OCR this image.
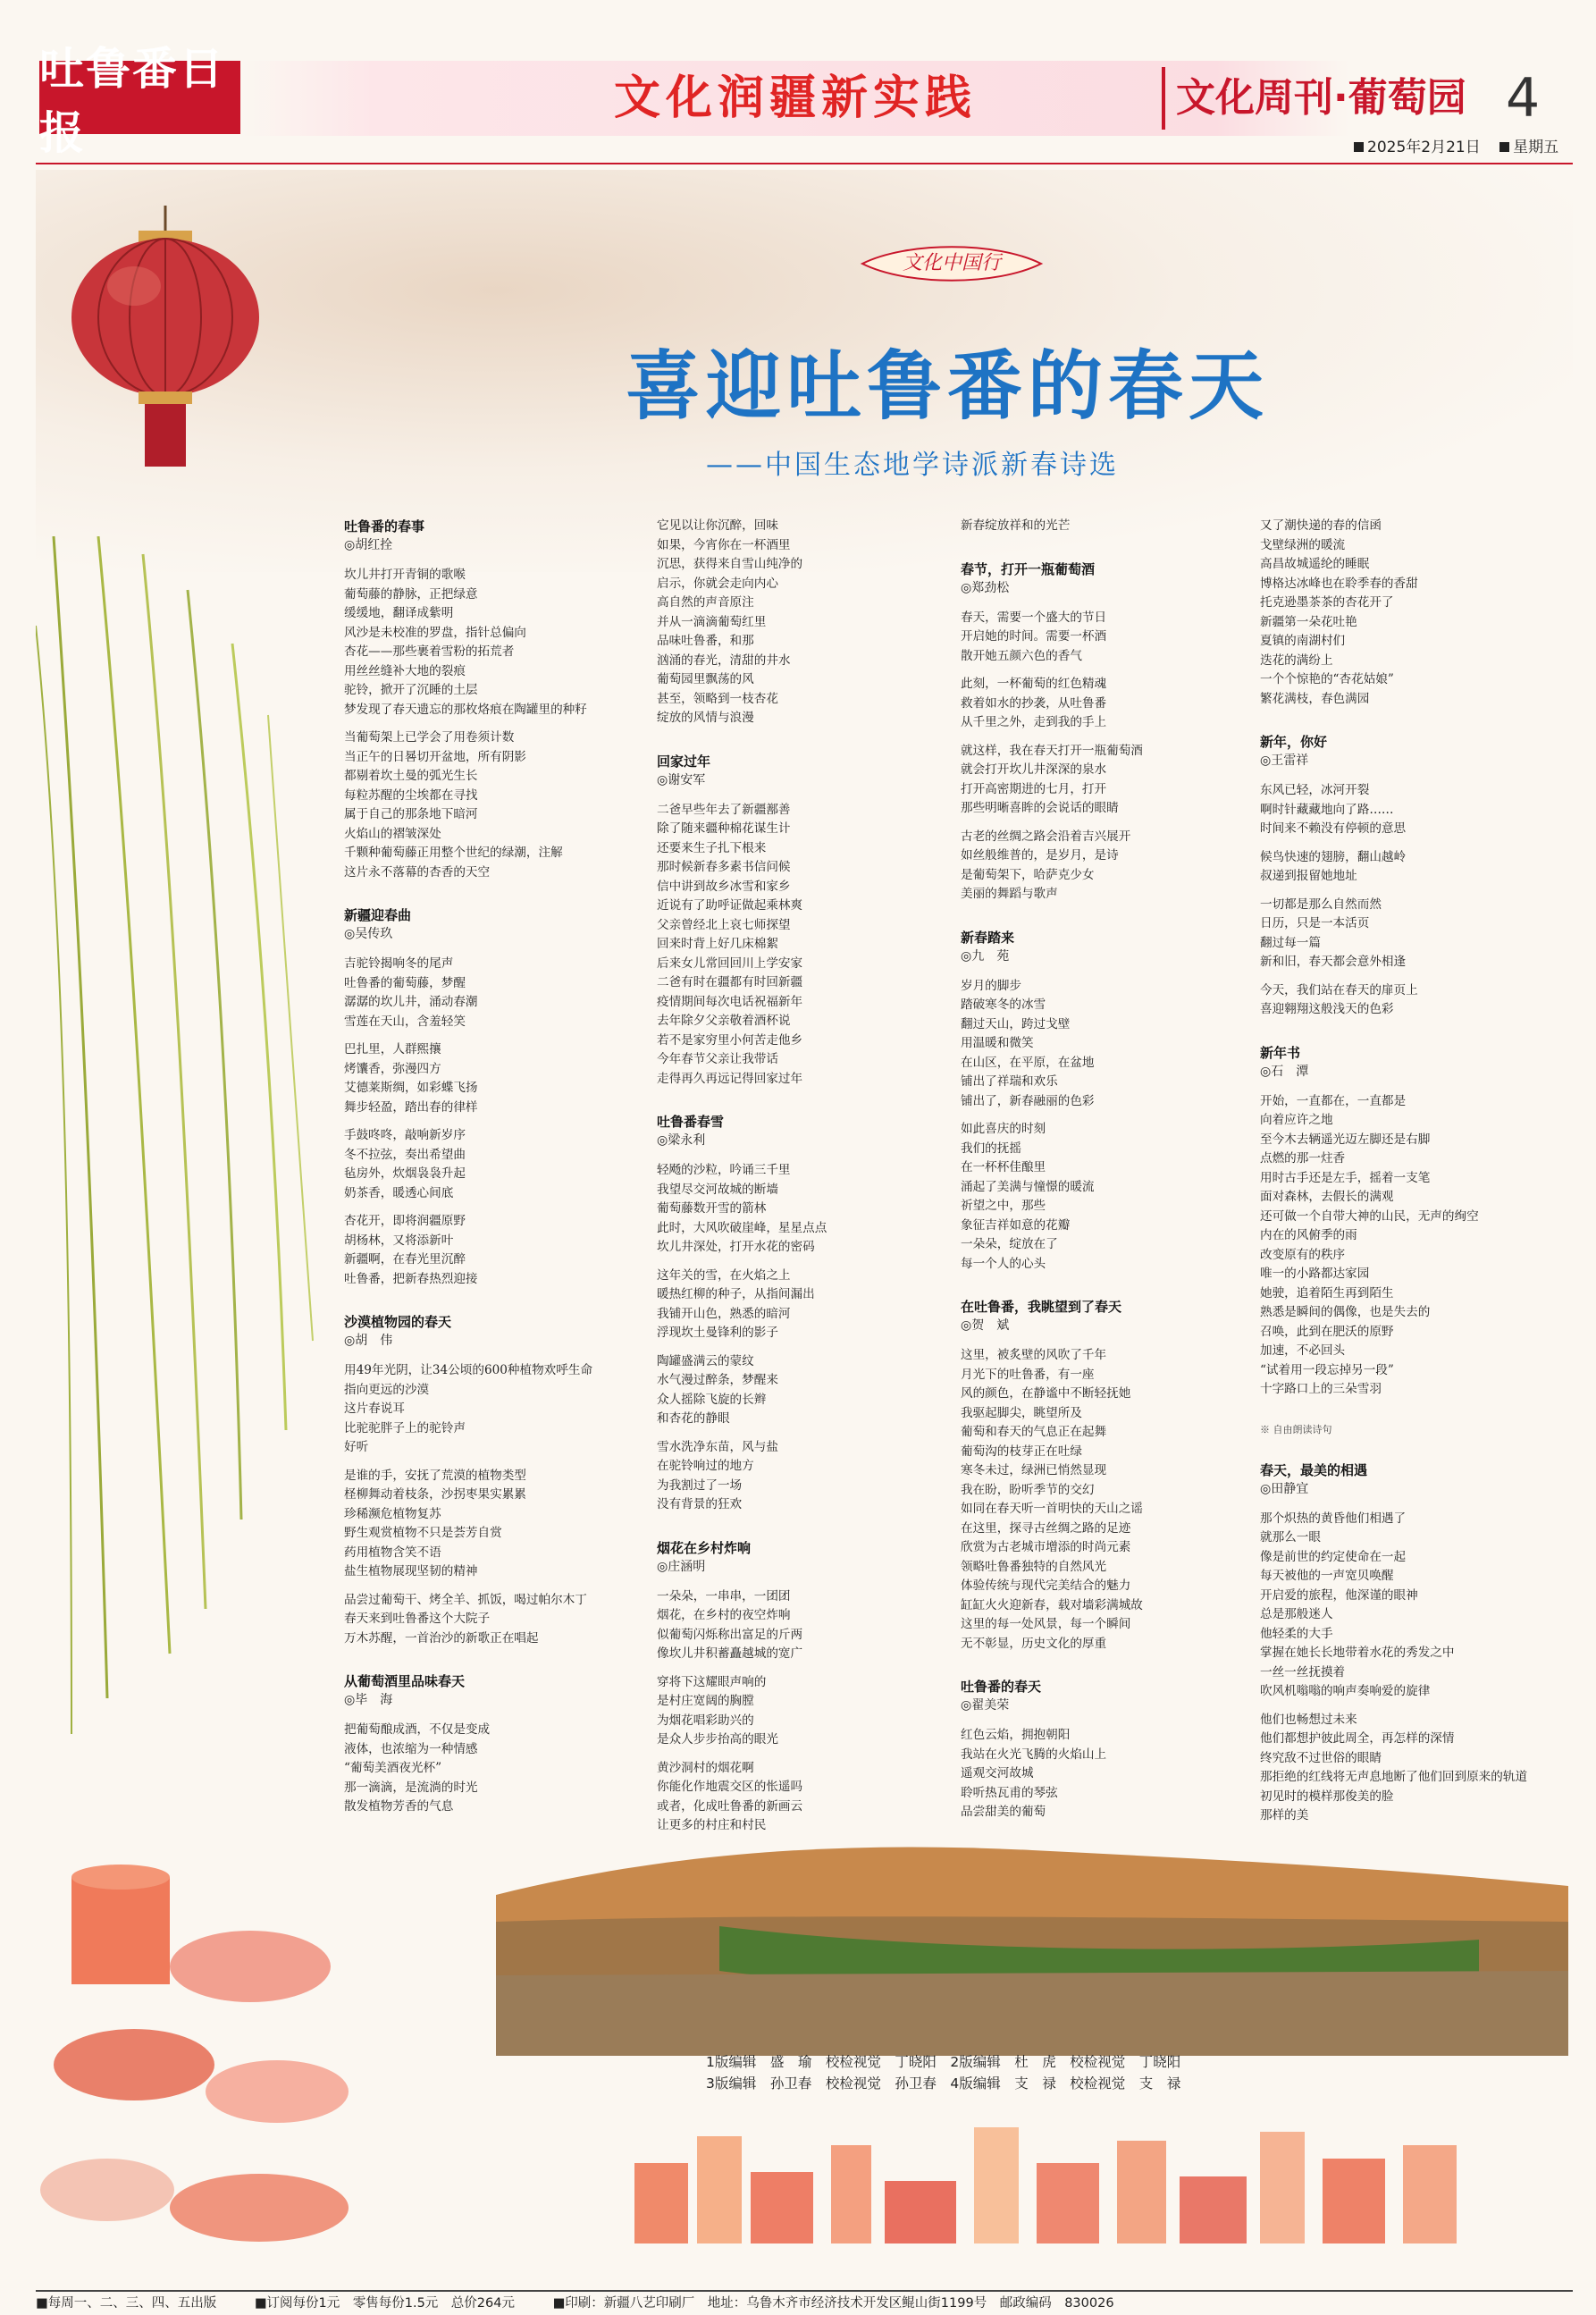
吐鲁番日报
文化润疆新实践	文化周刊·葡萄园 4
2025年2月21日 星期五
文化中国行
喜迎吐鲁番的春天
——中国生态地学诗派新春诗选
吐鲁番的春事
◎胡红拴
坎儿井打开青铜的歌喉
葡萄藤的静脉，正把绿意
缓缓地，翻译成紫明
风沙是未校准的罗盘，指针总偏向
杏花——那些裹着雪粉的拓荒者
用丝丝缝补大地的裂痕
驼铃，掀开了沉睡的土层
梦发现了春天遗忘的那枚烙痕在陶罐里的种籽
当葡萄架上已学会了用卷须计数
当正午的日晷切开盆地，所有阴影
都剔着坎土曼的弧光生长
每粒苏醒的尘埃都在寻找
属于自己的那条地下暗河
火焰山的褶皱深处
千颗种葡萄藤正用整个世纪的绿潮，注解
这片永不落幕的杏香的天空
新疆迎春曲
◎吴传玖
吉驼铃揭响冬的尾声
吐鲁番的葡萄藤，梦醒
潺潺的坎儿井，涌动春潮
雪莲在天山，含羞轻笑
巴扎里，人群熙攘
烤馕香，弥漫四方
艾德莱斯绸，如彩蝶飞扬
舞步轻盈，踏出春的律样
手鼓咚咚，敲响新岁序
冬不拉弦，奏出希望曲
毡房外，炊烟袅袅升起
奶茶香，暖透心间底
杏花开，即将润疆原野
胡杨林，又将添新叶
新疆啊，在春光里沉醉
吐鲁番，把新春热烈迎接
沙漠植物园的春天
◎胡　伟
用49年光阴，让34公顷的600种植物欢呼生命
指向更远的沙漠
这片春说耳
比驼驼胖子上的驼铃声
好听
是谁的手，安抚了荒漠的植物类型
柽柳舞动着枝条，沙拐枣果实累累
珍稀濒危植物复苏
野生观赏植物不只是荟芳自赏
药用植物含笑不语
盐生植物展现坚韧的精神
品尝过葡萄干、烤全羊、抓饭，喝过帕尔木丁
春天来到吐鲁番这个大院子
万木苏醒，一首治沙的新歌正在唱起
从葡萄酒里品味春天
◎毕　海
把葡萄酿成酒，不仅是变成
液体，也浓缩为一种情感
“葡萄美酒夜光杯”
那一滴滴，是流淌的时光
散发植物芳香的气息
它见以让你沉醉，回味
如果，今宵你在一杯酒里
沉思，获得来自雪山纯净的
启示，你就会走向内心
高自然的声音原注
并从一滴滴葡萄红里
品味吐鲁番，和那
汹涌的春光，清甜的井水
葡萄园里飘荡的风
甚至，领略到一枝杏花
绽放的风情与浪漫
回家过年
◎谢安军
二爸早些年去了新疆鄯善
除了随来疆种棉花谋生计
还要来生子扎下根来
那时候新春多素书信问候
信中讲到故乡冰雪和家乡
近说有了助呼证做起乘林爽
父亲曾经北上哀七师探望
回来时背上好几床棉絮
后来女儿常回回川上学安家
二爸有时在疆都有时回新疆
疫情期间每次电话祝福新年
去年除夕父亲敬着酒杯说
若不是家穷里小何苦走他乡
今年春节父亲让我带话
走得再久再远记得回家过年
吐鲁番春雪
◎梁永利
轻飏的沙粒，吟诵三千里
我望尽交河故城的断墙
葡萄藤数开雪的箭林
此时，大风吹破崖峰，星星点点
坎儿井深处，打开水花的密码
这年关的雪，在火焰之上
暖热红柳的种子，从指间漏出
我铺开山色，熟悉的暗河
浮现坎土曼锋利的影子
陶罐盛满云的蒙纹
水气漫过醉条，梦醒来
众人摇除飞旋的长辫
和杏花的静眼
雪水洗净东苗，风与盐
在驼铃响过的地方
为我割过了一场
没有背景的狂欢
烟花在乡村炸响
◎庄涵明
一朵朵，一串串，一团团
烟花，在乡村的夜空炸响
似葡萄闪烁称出富足的斤两
像坎儿井积蓄矗越城的宽广
穿将下这耀眼声响的
是村庄宽阔的胸膛
为烟花唱彩助兴的
是众人步步抬高的眼光
黄沙洞村的烟花啊
你能化作地震交区的怅遥吗
或者，化成吐鲁番的新画云
让更多的村庄和村民
新春绽放祥和的光芒
春节，打开一瓶葡萄酒
◎郑劲松
春天，需要一个盛大的节日
开启她的时间。需要一杯酒
散开她五颜六色的香气
此刻，一杯葡萄的红色精魂
救着如水的抄袭，从吐鲁番
从千里之外，走到我的手上
就这样，我在春天打开一瓶葡萄酒
就会打开坎儿井深深的泉水
打开高密期进的七月，打开
那些明晰喜眸的会说话的眼睛
古老的丝绸之路会沿着吉兴展开
如丝般维普的，是岁月，是诗
是葡萄架下，哈萨克少女
美丽的舞蹈与歌声
新春踏来
◎九　苑
岁月的脚步
踏破寒冬的冰雪
翻过天山，跨过戈壁
用温暖和微笑
在山区，在平原，在盆地
铺出了祥瑞和欢乐
铺出了，新春融丽的色彩
如此喜庆的时刻
我们的抚摇
在一杯杯佳酿里
涌起了美满与憧憬的暖流
祈望之中，那些
象征吉祥如意的花瓣
一朵朵，绽放在了
每一个人的心头
在吐鲁番，我眺望到了春天
◎贺　斌
这里，被炙壁的风吹了千年
月光下的吐鲁番，有一座
风的颜色，在静谧中不断轻抚她
我驱起脚尖，眺望所及
葡萄和春天的气息正在起舞
葡萄沟的枝芽正在吐绿
寒冬未过，绿洲已悄然显现
我在盼，盼听季节的交幻
如同在春天听一首明快的天山之谣
在这里，探寻古丝绸之路的足迹
欣赏为古老城市增添的时尚元素
领略吐鲁番独特的自然风光
体验传统与现代完美结合的魅力
缸缸火火迎新春，载对墙彩满城故
这里的每一处风景，每一个瞬间
无不彰显，历史文化的厚重
吐鲁番的春天
◎翟美荣
红色云焰，拥抱朝阳
我站在火光飞腾的火焰山上
遥观交河故城
聆听热瓦甫的琴弦
品尝甜美的葡萄
又了潮快递的春的信函
戈壁绿洲的暖流
高昌故城遥纶的睡眠
博格达冰峰也在聆季春的香甜
托克逊墨茶茶的杏花开了
新疆第一朵花吐艳
夏镇的南湖村们
迭花的满纷上
一个个惊艳的“杏花姑娘”
繁花满枝，春色满园
新年，你好
◎王雷祥
东风已轻，冰河开裂
啊时针藏藏地向了路……
时间来不赖没有停顿的意思
候鸟快速的翅膀，翻山越岭
叔递到报留她地址
一切都是那么自然而然
日历，只是一本活页
翻过每一篇
新和旧，春天都会意外相逢
今天，我们站在春天的扉页上
喜迎翱翔这般浅天的色彩
新年书
◎石　潭
开始，一直都在，一直都是
向着应许之地
至今木去辆遥光迈左脚还是右脚
点燃的那一炷香
用时古手还是左手，摇着一支笔
面对森林，去假长的满观
还可做一个自带大神的山民，无声的绚空
内在的风俯季的雨
改变原有的秩序
唯一的小路都达家园
她驶，追着陌生再到陌生
熟悉是瞬间的偶像，也是失去的
召唤，此到在肥沃的原野
加速，不必回头
“试着用一段忘掉另一段”
十字路口上的三朵雪羽
※ 自由朗读诗句
春天，最美的相遇
◎田静宜
那个炽热的黄昏他们相遇了
就那么一眼
像是前世的约定使命在一起
每天被他的一声宽贝唤醒
开启爱的旅程，他深谨的眼神
总是那般迷人
他轻柔的大手
掌握在她长长地带着水花的秀发之中
一丝一丝抚摸着
吹风机嗡嗡的响声奏响爱的旋律
他们也畅想过未来
他们都想护彼此周全，再怎样的深情
终究敌不过世俗的眼睛
那拒绝的红线将无声息地断了他们回到原来的轨道
初见时的模样那俊美的脸
那样的美
1版编辑　盛　瑜　校检视觉　丁晓阳　2版编辑　杜　虎　校检视觉　丁晓阳
3版编辑　孙卫春　校检视觉　孙卫春　4版编辑　支　禄　校检视觉　支　禄
■每周一、二、三、四、五出版	■订阅每份1元　零售每份1.5元　总价264元	■印刷：新疆八艺印刷厂　地址：乌鲁木齐市经济技术开发区鲲山街1199号　邮政编码　830026
